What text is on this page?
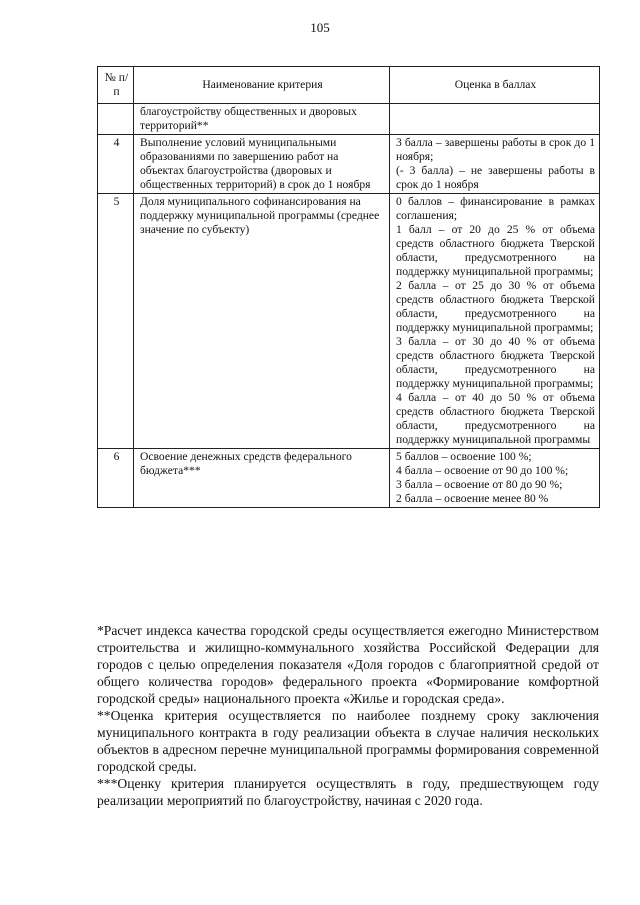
105
№ п/п	Наименование критерия	Оценка в баллах
	благоустройству общественных и дворовых территорий**	
4	Выполнение условий муниципальными образованиями по завершению работ на объектах благоустройства (дворовых и общественных территорий) в срок до 1 ноября	3 балла – завершены работы в срок до 1 ноября;
(- 3 балла) – не завершены работы в срок до 1 ноября

5	Доля муниципального софинансирования на поддержку муниципальной программы (среднее значение по субъекту)	0 баллов – финансирование в рамках соглашения;
1 балл – от 20 до 25 % от объема средств областного бюджета Тверской области, предусмотренного на поддержку муниципальной программы;
2 балла – от 25 до 30 % от объема средств областного бюджета Тверской области, предусмотренного на поддержку муниципальной программы;
3 балла – от 30 до 40 % от объема средств областного бюджета Тверской области, предусмотренного на поддержку муниципальной программы;
4 балла – от 40 до 50 % от объема средств областного бюджета Тверской области, предусмотренного на поддержку муниципальной программы

6	Освоение денежных средств федерального бюджета***	5 баллов – освоение 100 %;
4 балла – освоение от 90 до 100 %;
3 балла – освоение от 80 до 90 %;
2 балла – освоение менее 80 %

*Расчет индекса качества городской среды осуществляется ежегодно Министерством строительства и жилищно-коммунального хозяйства Российской Федерации для городов с целью определения показателя «Доля городов с благоприятной средой от общего количества городов» федерального проекта «Формирование комфортной городской среды» национального проекта «Жилье и городская среда».

**Оценка критерия осуществляется по наиболее позднему сроку заключения муниципального контракта в году реализации объекта в случае наличия нескольких объектов в адресном перечне муниципальной программы формирования современной городской среды.

***Оценку критерия планируется осуществлять в году, предшествующем году реализации мероприятий по благоустройству, начиная с 2020 года.
